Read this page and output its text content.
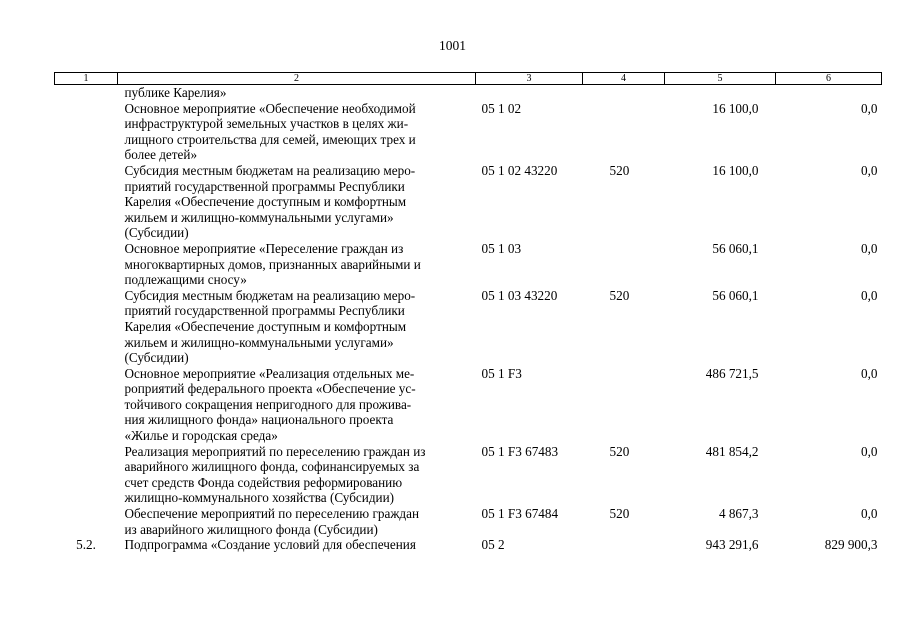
1001
1	2	3	4	5	6

	публике Карелия»				

	Основное мероприятие «Обеспечение необходимой
инфраструктурой земельных участков в целях жи-
лищного строительства для семей, имеющих трех и
более детей»	05 1 02		16 100,0	0,0

	Субсидия местным бюджетам на реализацию меро-
приятий государственной программы Республики
Карелия «Обеспечение доступным и комфортным
жильем и жилищно-коммунальными услугами»
(Субсидии)	05 1 02 43220	520	16 100,0	0,0

	Основное мероприятие «Переселение граждан из
многоквартирных домов, признанных аварийными и
подлежащими сносу»	05 1 03		56 060,1	0,0

	Субсидия местным бюджетам на реализацию меро-
приятий государственной программы Республики
Карелия «Обеспечение доступным и комфортным
жильем и жилищно-коммунальными услугами»
(Субсидии)	05 1 03 43220	520	56 060,1	0,0

	Основное мероприятие «Реализация отдельных ме-
роприятий федерального проекта «Обеспечение ус-
тойчивого сокращения непригодного для прожива-
ния жилищного фонда» национального проекта
«Жилье и городская среда»	05 1 F3		486 721,5	0,0

	Реализация мероприятий по переселению граждан из
аварийного жилищного фонда, софинансируемых за
счет средств Фонда содействия реформированию
жилищно-коммунального хозяйства (Субсидии)	05 1 F3 67483	520	481 854,2	0,0

	Обеспечение мероприятий по переселению граждан
из аварийного жилищного фонда (Субсидии)	05 1 F3 67484	520	4 867,3	0,0
5.2.	Подпрограмма «Создание условий для обеспечения	05 2		943 291,6	829 900,3
